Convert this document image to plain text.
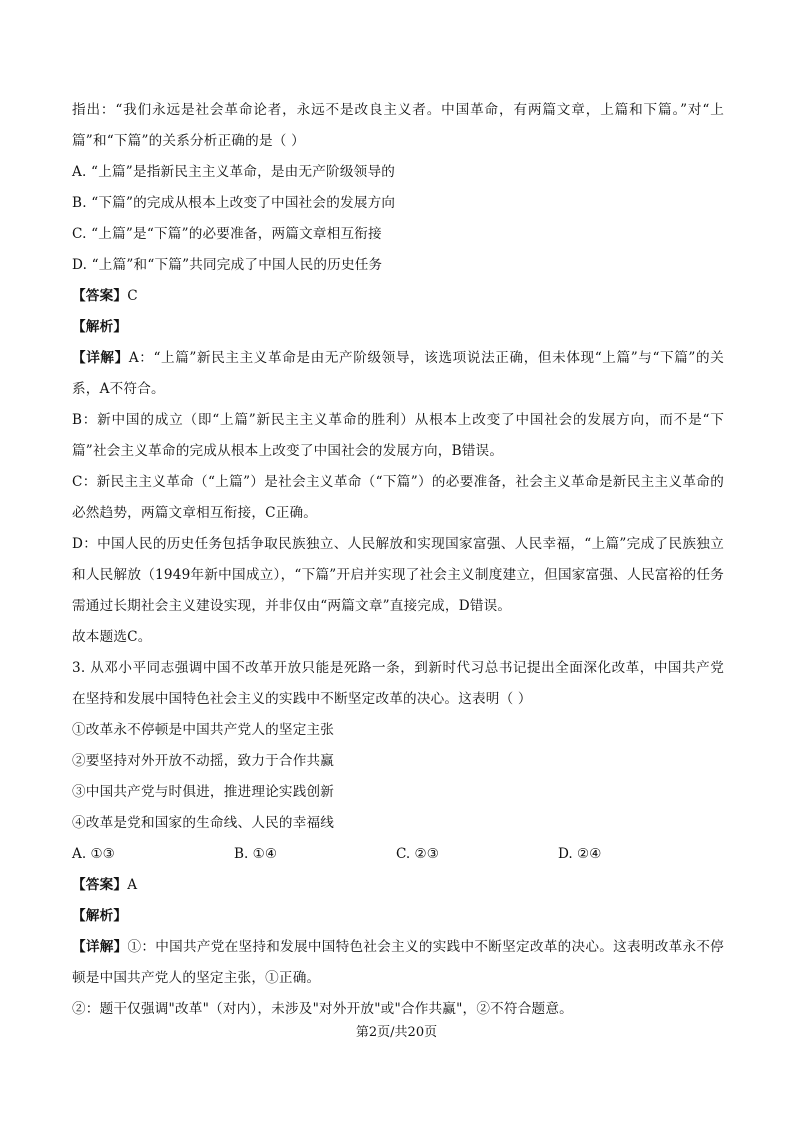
指出：“我们永远是社会革命论者，永远不是改良主义者。中国革命，有两篇文章，上篇和下篇。”对“上篇”和“下篇”的关系分析正确的是（ ）

A. “上篇”是指新民主主义革命，是由无产阶级领导的

B. “下篇”的完成从根本上改变了中国社会的发展方向

C. “上篇”是“下篇”的必要准备，两篇文章相互衔接

D. “上篇”和“下篇”共同完成了中国人民的历史任务

【答案】C

【解析】

【详解】A：“上篇”新民主主义革命是由无产阶级领导，该选项说法正确，但未体现“上篇”与“下篇”的关系，A不符合。

B：新中国的成立（即“上篇”新民主主义革命的胜利）从根本上改变了中国社会的发展方向，而不是“下篇”社会主义革命的完成从根本上改变了中国社会的发展方向，B错误。

C：新民主主义革命（“上篇”）是社会主义革命（“下篇”）的必要准备，社会主义革命是新民主主义革命的必然趋势，两篇文章相互衔接，C正确。

D：中国人民的历史任务包括争取民族独立、人民解放和实现国家富强、人民幸福，“上篇”完成了民族独立和人民解放（1949年新中国成立），“下篇”开启并实现了社会主义制度建立，但国家富强、人民富裕的任务需通过长期社会主义建设实现，并非仅由“两篇文章”直接完成，D错误。

故本题选C。

3. 从邓小平同志强调中国不改革开放只能是死路一条，到新时代习总书记提出全面深化改革，中国共产党在坚持和发展中国特色社会主义的实践中不断坚定改革的决心。这表明（ ）

①改革永不停顿是中国共产党人的坚定主张

②要坚持对外开放不动摇，致力于合作共赢

③中国共产党与时俱进，推进理论实践创新

④改革是党和国家的生命线、人民的幸福线

A. ①③	B. ①④	C. ②③	D. ②④

【答案】A

【解析】

【详解】①：中国共产党在坚持和发展中国特色社会主义的实践中不断坚定改革的决心。这表明改革永不停顿是中国共产党人的坚定主张，①正确。

②：题干仅强调"改革"（对内），未涉及"对外开放"或"合作共赢"，②不符合题意。

第2页/共20页
